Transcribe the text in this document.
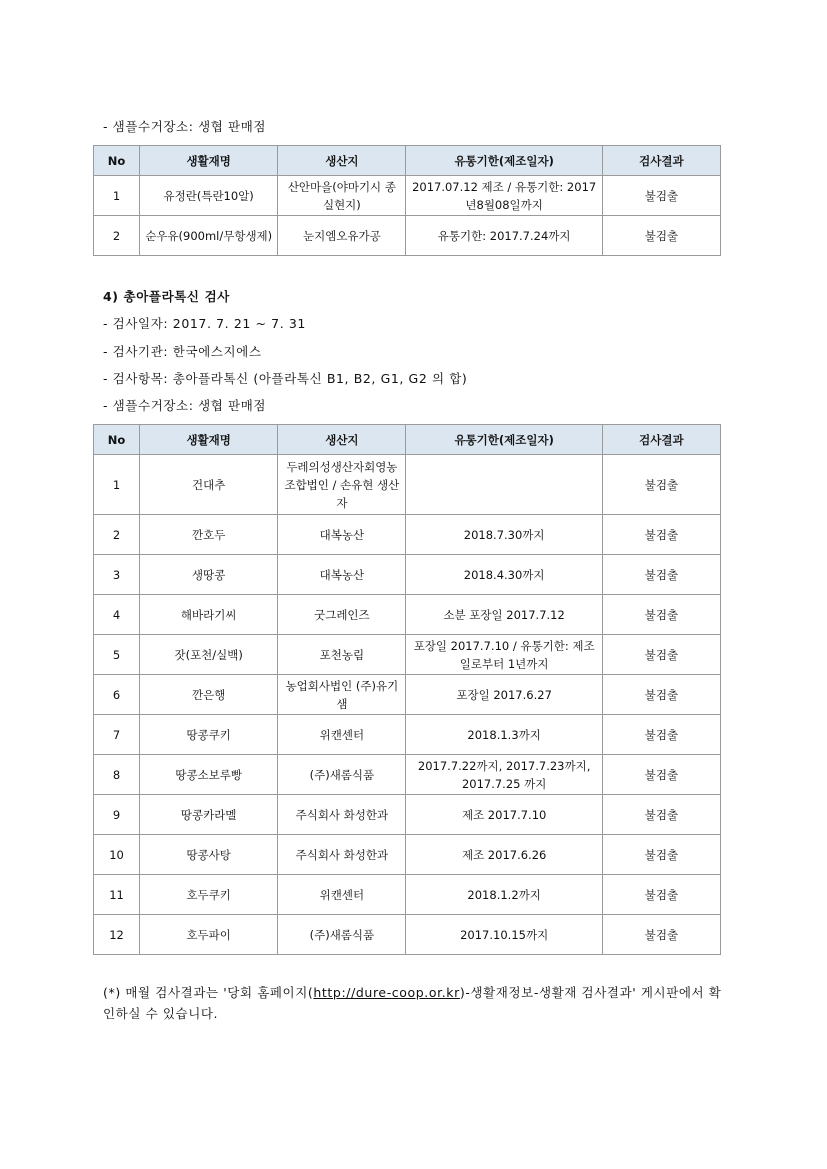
- 샘플수거장소: 생협 판매점
No	생활재명	생산지	유통기한(제조일자)	검사결과
1	유정란(특란10알)	산안마을(야마기시 종실현지)	2017.07.12 제조 / 유통기한: 2017년8월08일까지	불검출
2	순우유(900ml/무항생제)	눈지엠오유가공	유통기한: 2017.7.24까지	불검출
4) 총아플라톡신 검사
- 검사일자: 2017. 7. 21 ~ 7. 31
- 검사기관: 한국에스지에스
- 검사항목: 총아플라톡신 (아플라톡신 B1, B2, G1, G2 의 합)
- 샘플수거장소: 생협 판매점
No	생활재명	생산지	유통기한(제조일자)	검사결과
1	건대추	두레의성생산자회영농조합법인 / 손유현 생산자		불검출
2	깐호두	대복농산	2018.7.30까지	불검출
3	생땅콩	대복농산	2018.4.30까지	불검출
4	해바라기씨	굿그레인즈	소분 포장일 2017.7.12	불검출
5	잣(포천/실백)	포천농림	포장일 2017.7.10 / 유통기한: 제조일로부터 1년까지	불검출
6	깐은행	농업회사법인 (주)유기샘	포장일 2017.6.27	불검출
7	땅콩쿠키	위캔센터	2018.1.3까지	불검출
8	땅콩소보루빵	(주)새롬식품	2017.7.22까지, 2017.7.23까지, 2017.7.25 까지	불검출
9	땅콩카라멜	주식회사 화성한과	제조 2017.7.10	불검출
10	땅콩사탕	주식회사 화성한과	제조 2017.6.26	불검출
11	호두쿠키	위캔센터	2018.1.2까지	불검출
12	호두파이	(주)새롬식품	2017.10.15까지	불검출
(*) 매월 검사결과는 '당회 홈페이지(http://dure-coop.or.kr)-생활재정보-생활재 검사결과' 게시판에서 확인하실 수 있습니다.
